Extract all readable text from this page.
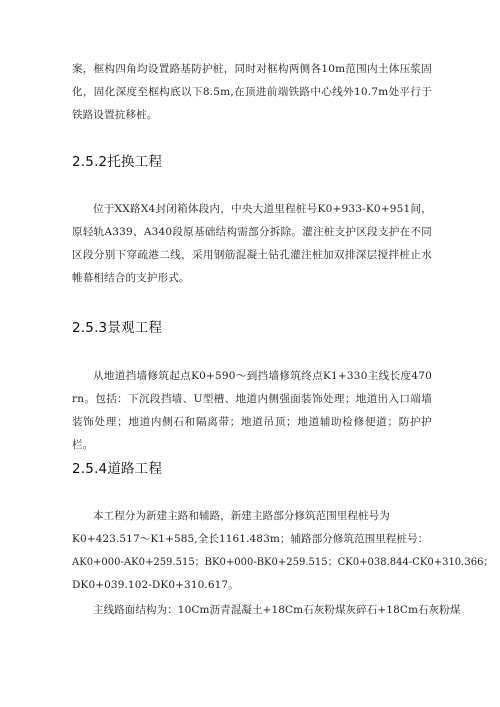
案，框构四角均设置路基防护桩，同时对框构两侧各10m范围内土体压浆固化，固化深度至框构底以下8.5m,在顶进前端铁路中心线外10.7m处平行于铁路设置抗移桩。
2.5.2托换工程
位于XX路X4封闭箱体段内，中央大道里程桩号K0+933-K0+951间，原轻轨A339、A340段原基础结构需部分拆除。灌注桩支护区段支护在不同区段分别下穿疏港二线，采用钢筋混凝土钻孔灌注桩加双排深层搅拌桩止水帷幕相结合的支护形式。
2.5.3景观工程
从地道挡墙修筑起点K0+590～到挡墙修筑终点K1+330主线长度470rn。包括：下沉段挡墙、U型槽、地道内侧强面装饰处理；地道出入口端墙装饰处理；地道内侧石和隔离带；地道吊顶；地道辅助检修便道；防护护栏。
2.5.4道路工程
本工程分为新建主路和辅路，新建主路部分修筑范围里程桩号为
K0+423.517～K1+585,全长1161.483m；辅路部分修筑范围里程桩号：
AK0+000-AK0+259.515；BK0+000-BK0+259.515；CK0+038.844-CK0+310.366；
DK0+039.102-DK0+310.617。
主线路面结构为：10Cm沥青混凝土+18Cm石灰粉煤灰碎石+18Cm石灰粉煤
